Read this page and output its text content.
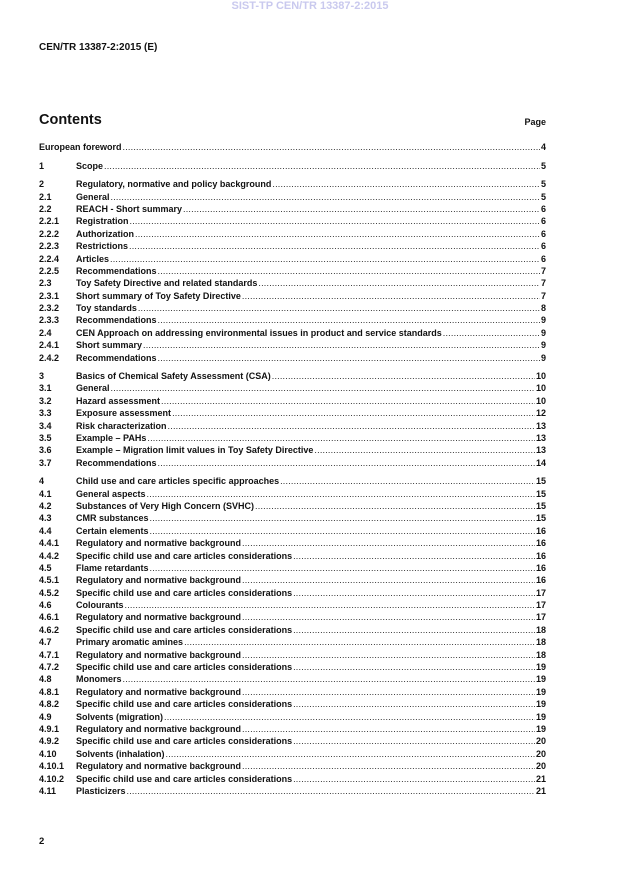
SIST-TP CEN/TR 13387-2:2015
CEN/TR 13387-2:2015 (E)
Contents	Page
European foreword .....	4
1	Scope .....	5
2	Regulatory, normative and policy background .....	5
2.1	General .....	5
2.2	REACH - Short summary .....	6
2.2.1	Registration .....	6
2.2.2	Authorization .....	6
2.2.3	Restrictions .....	6
2.2.4	Articles .....	6
2.2.5	Recommendations .....	7
2.3	Toy Safety Directive and related standards .....	7
2.3.1	Short summary of Toy Safety Directive .....	7
2.3.2	Toy standards .....	8
2.3.3	Recommendations .....	9
2.4	CEN Approach on addressing environmental issues in product and service standards .....	9
2.4.1	Short summary .....	9
2.4.2	Recommendations .....	9
3	Basics of Chemical Safety Assessment (CSA) .....	10
3.1	General .....	10
3.2	Hazard assessment .....	10
3.3	Exposure assessment .....	12
3.4	Risk characterization .....	13
3.5	Example – PAHs .....	13
3.6	Example – Migration limit values in Toy Safety Directive .....	13
3.7	Recommendations .....	14
4	Child use and care articles specific approaches .....	15
4.1	General aspects .....	15
4.2	Substances of Very High Concern (SVHC) .....	15
4.3	CMR substances .....	15
4.4	Certain elements .....	16
4.4.1	Regulatory and normative background .....	16
4.4.2	Specific child use and care articles considerations .....	16
4.5	Flame retardants .....	16
4.5.1	Regulatory and normative background .....	16
4.5.2	Specific child use and care articles considerations .....	17
4.6	Colourants .....	17
4.6.1	Regulatory and normative background .....	17
4.6.2	Specific child use and care articles considerations .....	18
4.7	Primary aromatic amines .....	18
4.7.1	Regulatory and normative background .....	18
4.7.2	Specific child use and care articles considerations .....	19
4.8	Monomers .....	19
4.8.1	Regulatory and normative background .....	19
4.8.2	Specific child use and care articles considerations .....	19
4.9	Solvents (migration) .....	19
4.9.1	Regulatory and normative background .....	19
4.9.2	Specific child use and care articles considerations .....	20
4.10	Solvents (inhalation) .....	20
4.10.1	Regulatory and normative background .....	20
4.10.2	Specific child use and care articles considerations .....	21
4.11	Plasticizers .....	21
2
